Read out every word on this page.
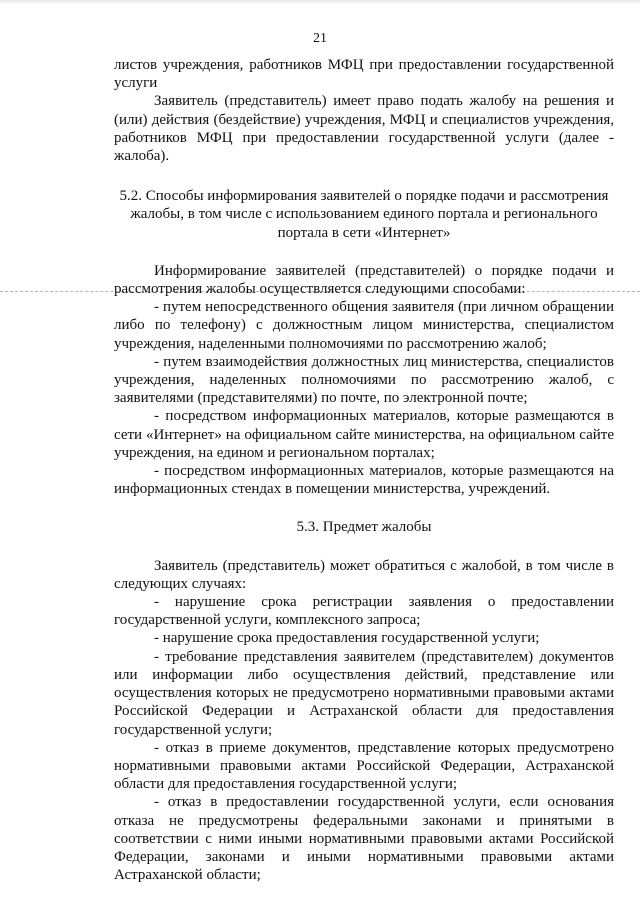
21

листов учреждения, работников МФЦ при предоставлении государственной услуги

Заявитель (представитель) имеет право подать жалобу на решения и (или) действия (бездействие) учреждения, МФЦ и специалистов учреждения, работников МФЦ при предоставлении государственной услуги (далее - жалоба).

5.2. Способы информирования заявителей о порядке подачи и рассмотрения жалобы, в том числе с использованием единого портала и регионального портала в сети «Интернет»

Информирование заявителей (представителей) о порядке подачи и рассмотрения жалобы осуществляется следующими способами:

- путем непосредственного общения заявителя (при личном обращении либо по телефону) с должностным лицом министерства, специалистом учреждения, наделенными полномочиями по рассмотрению жалоб;

- путем взаимодействия должностных лиц министерства, специалистов учреждения, наделенных полномочиями по рассмотрению жалоб, с заявителями (представителями) по почте, по электронной почте;

- посредством информационных материалов, которые размещаются в сети «Интернет» на официальном сайте министерства, на официальном сайте учреждения, на едином и региональном порталах;

- посредством информационных материалов, которые размещаются на информационных стендах в помещении министерства, учреждений.

5.3. Предмет жалобы

Заявитель (представитель) может обратиться с жалобой, в том числе в следующих случаях:

- нарушение срока регистрации заявления о предоставлении государственной услуги, комплексного запроса;

- нарушение срока предоставления государственной услуги;

- требование представления заявителем (представителем) документов или информации либо осуществления действий, представление или осуществления которых не предусмотрено нормативными правовыми актами Российской Федерации и Астраханской области для предоставления государственной услуги;

- отказ в приеме документов, представление которых предусмотрено нормативными правовыми актами Российской Федерации, Астраханской области для предоставления государственной услуги;

- отказ в предоставлении государственной услуги, если основания отказа не предусмотрены федеральными законами и принятыми в соответствии с ними иными нормативными правовыми актами Российской Федерации, законами и иными нормативными правовыми актами Астраханской области;
